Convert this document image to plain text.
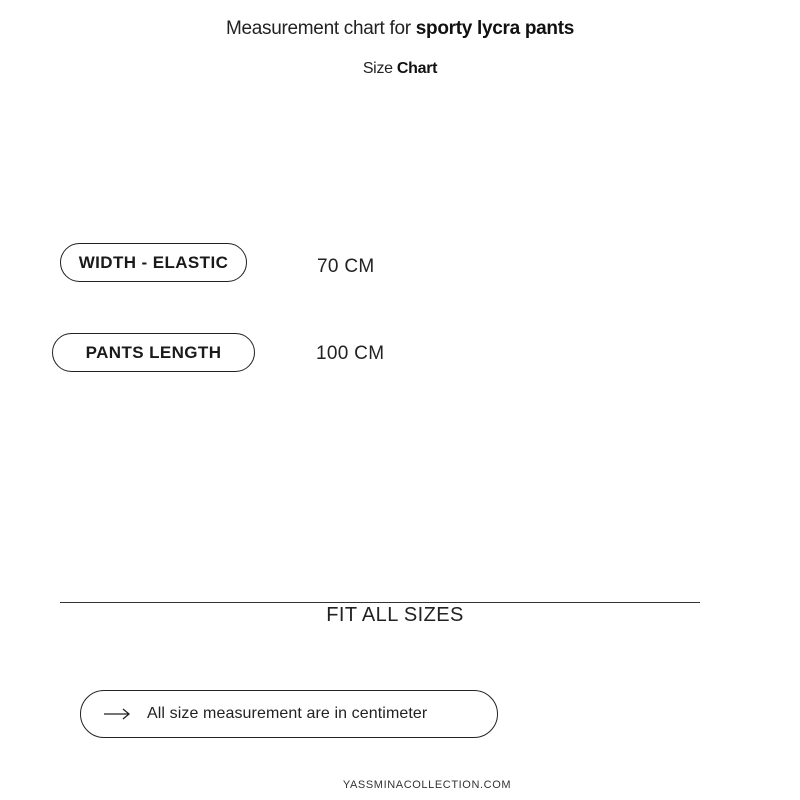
Measurement chart for sporty lycra pants
Size Chart
WIDTH - ELASTIC	70 CM
PANTS LENGTH	100 CM
FIT ALL SIZES
All size measurement are in centimeter
YASSMINACOLLECTION.COM
